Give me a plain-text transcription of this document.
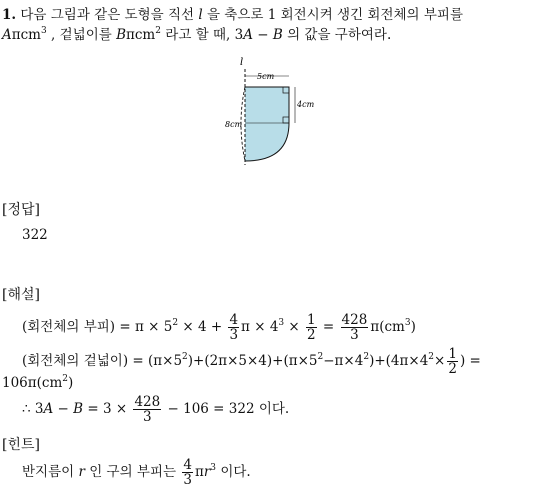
1. 다음 그림과 같은 도형을 직선 l 을 축으로 1 회전시켜 생긴 회전체의 부피를
Aπcm$^3$ , 겉넓이를 Bπcm$^2$ 라고 할 때, 3A − B 의 값을 구하여라.
l
5cm
4cm
8cm
[정답]
322
[해설]
(회전체의 부피) = $\pi \times 5^2 \times 4 + \frac{4}{3}$ $\pi \times 4^3 \times \frac{1}{2} = \frac{428}{3} \pi(cm^3)$
(회전체의 겉넓이) = $(\pi\times 5^2)+(2\pi\times 5\times 4)+(\pi\times 5^2-\pi\times 4^2)+(4\pi\times 4^2\times \frac{1}{2}$ ) =
$106\pi(cm^2)$
∴ $3A - B = 3 \times \frac{428}{3} - 106 = 322$ 이다.
[힌트]
반지름이 r 인 구의 부피는 $\frac{4}{3} \pi r^3$ 이다.
